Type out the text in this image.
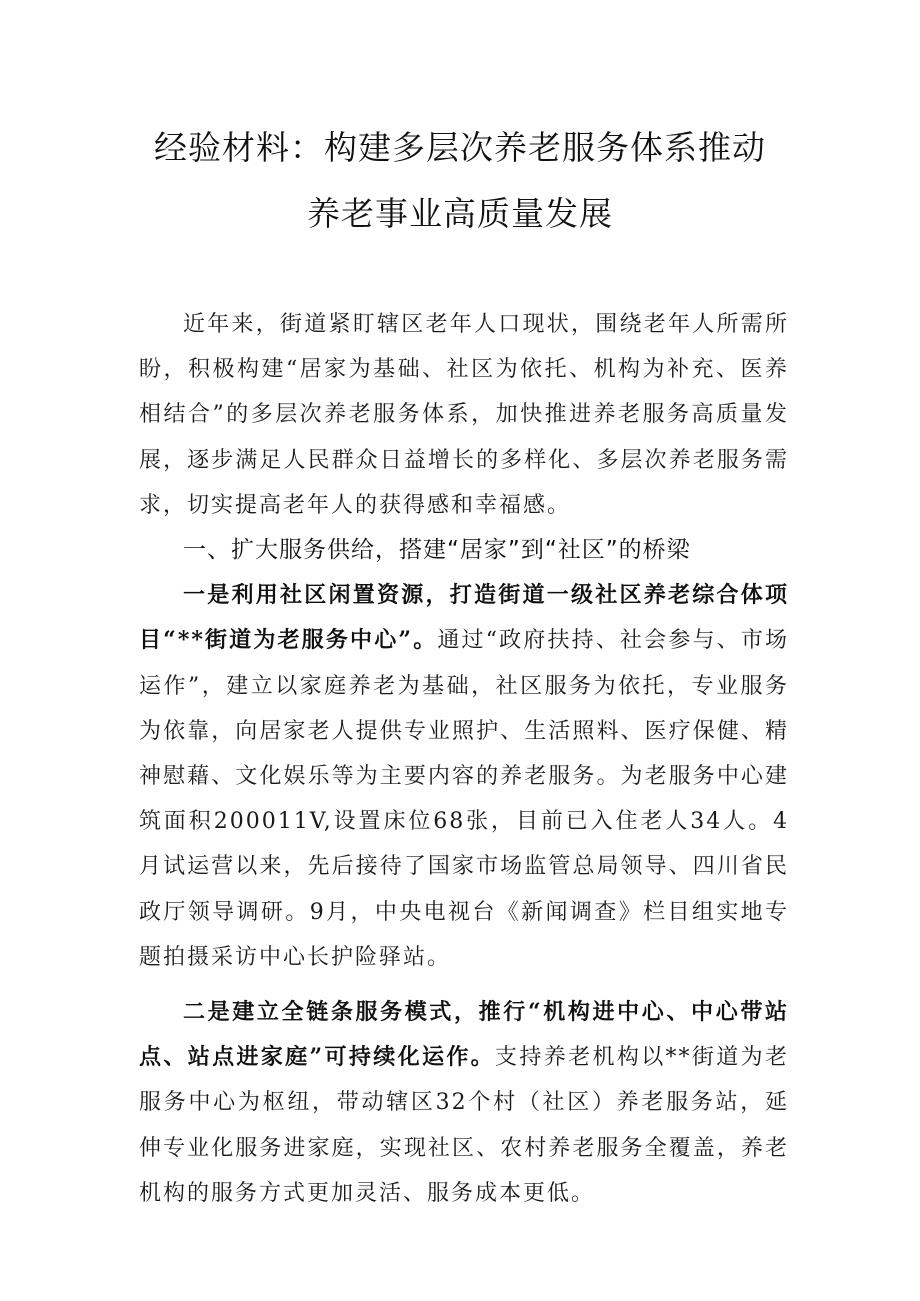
经验材料：构建多层次养老服务体系推动
养老事业高质量发展

近年来，街道紧盯辖区老年人口现状，围绕老年人所需所盼，积极构建“居家为基础、社区为依托、机构为补充、医养相结合”的多层次养老服务体系，加快推进养老服务高质量发展，逐步满足人民群众日益增长的多样化、多层次养老服务需求，切实提高老年人的获得感和幸福感。

一、扩大服务供给，搭建“居家”到“社区”的桥梁

一是利用社区闲置资源，打造街道一级社区养老综合体项目“**街道为老服务中心”。通过“政府扶持、社会参与、市场运作”，建立以家庭养老为基础，社区服务为依托，专业服务为依靠，向居家老人提供专业照护、生活照料、医疗保健、精神慰藉、文化娱乐等为主要内容的养老服务。为老服务中心建筑面积200011V,设置床位68张，目前已入住老人34人。4月试运营以来，先后接待了国家市场监管总局领导、四川省民政厅领导调研。9月，中央电视台《新闻调查》栏目组实地专题拍摄采访中心长护险驿站。

二是建立全链条服务模式，推行“机构进中心、中心带站点、站点进家庭”可持续化运作。支持养老机构以**街道为老服务中心为枢纽，带动辖区32个村（社区）养老服务站，延伸专业化服务进家庭，实现社区、农村养老服务全覆盖，养老机构的服务方式更加灵活、服务成本更低。
